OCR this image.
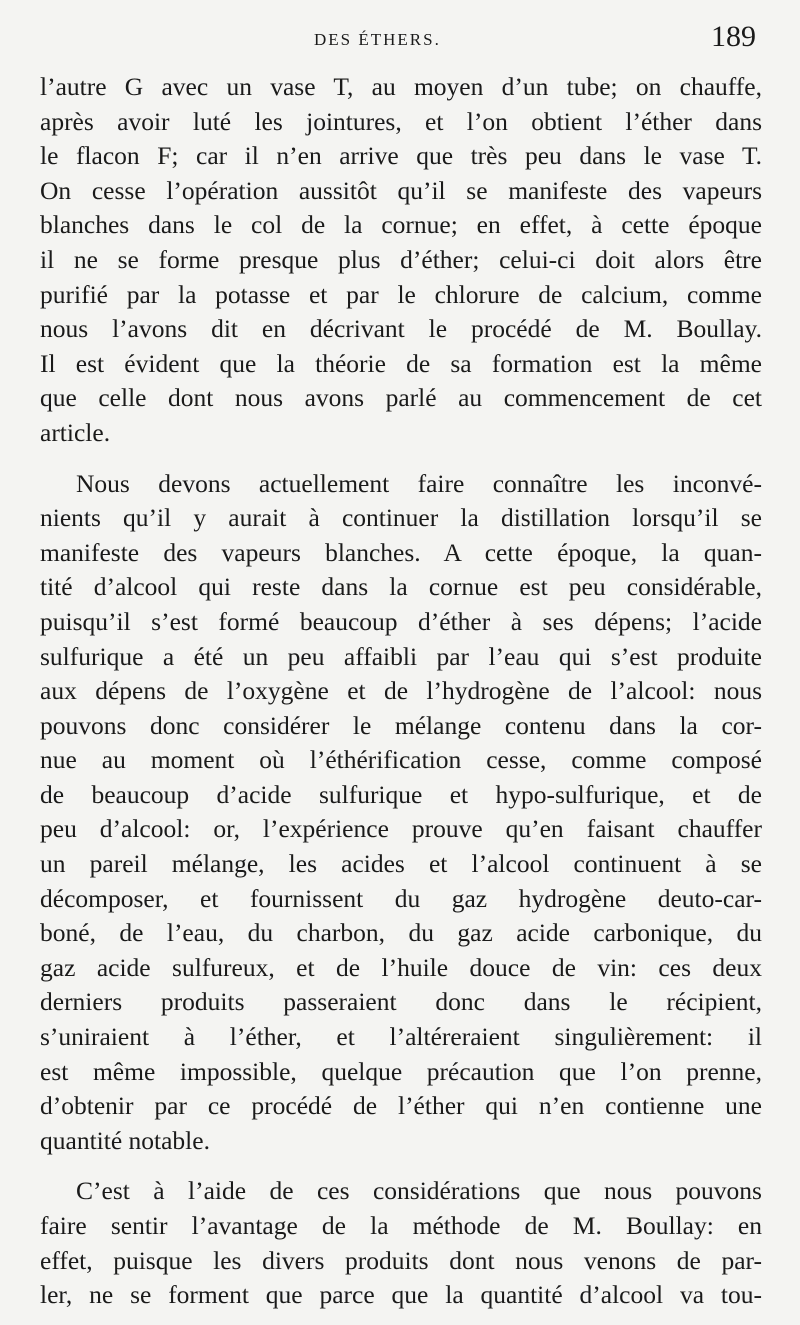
DES ÉTHERS.	189
l’autre G avec un vase T, au moyen d’un tube; on chauffe,
après avoir luté les jointures, et l’on obtient l’éther dans
le flacon F; car il n’en arrive que très peu dans le vase T.
On cesse l’opération aussitôt qu’il se manifeste des vapeurs
blanches dans le col de la cornue; en effet, à cette époque
il ne se forme presque plus d’éther; celui-ci doit alors être
purifié par la potasse et par le chlorure de calcium, comme
nous l’avons dit en décrivant le procédé de M. Boullay.
Il est évident que la théorie de sa formation est la même
que celle dont nous avons parlé au commencement de cet
article.
Nous devons actuellement faire connaître les inconvé-
nients qu’il y aurait à continuer la distillation lorsqu’il se
manifeste des vapeurs blanches. A cette époque, la quan-
tité d’alcool qui reste dans la cornue est peu considérable,
puisqu’il s’est formé beaucoup d’éther à ses dépens; l’acide
sulfurique a été un peu affaibli par l’eau qui s’est produite
aux dépens de l’oxygène et de l’hydrogène de l’alcool: nous
pouvons donc considérer le mélange contenu dans la cor-
nue au moment où l’éthérification cesse, comme composé
de beaucoup d’acide sulfurique et hypo-sulfurique, et de
peu d’alcool: or, l’expérience prouve qu’en faisant chauffer
un pareil mélange, les acides et l’alcool continuent à se
décomposer, et fournissent du gaz hydrogène deuto-car-
boné, de l’eau, du charbon, du gaz acide carbonique, du
gaz acide sulfureux, et de l’huile douce de vin: ces deux
derniers produits passeraient donc dans le récipient,
s’uniraient à l’éther, et l’altéreraient singulièrement: il
est même impossible, quelque précaution que l’on prenne,
d’obtenir par ce procédé de l’éther qui n’en contienne une
quantité notable.
C’est à l’aide de ces considérations que nous pouvons
faire sentir l’avantage de la méthode de M. Boullay: en
effet, puisque les divers produits dont nous venons de par-
ler, ne se forment que parce que la quantité d’alcool va tou-
